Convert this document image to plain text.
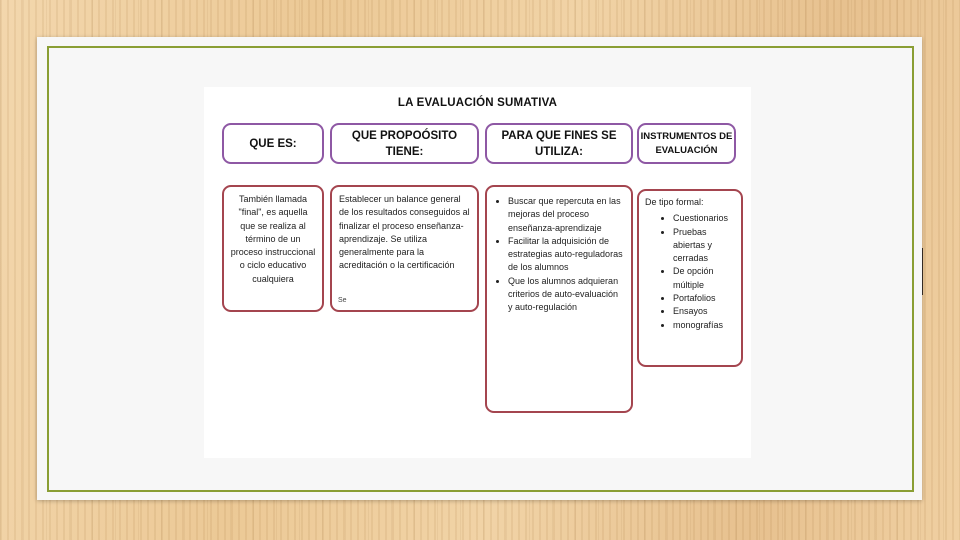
LA EVALUACIÓN SUMATIVA
QUE ES:
QUE PROPOÓSITO TIENE:
PARA QUE FINES SE UTILIZA:
INSTRUMENTOS DE EVALUACIÓN
También llamada "final", es aquella que se realiza al término de un proceso instruccional o ciclo educativo cualquiera
Establecer un balance general de los resultados conseguidos al finalizar el proceso enseñanza-aprendizaje. Se utiliza generalmente para la acreditación o la certificación
Se
• Buscar que repercuta en las mejoras del proceso enseñanza-aprendizaje
• Facilitar la adquisición de estrategias auto-reguladoras de los alumnos
• Que los alumnos adquieran criterios de auto-evaluación y auto-regulación
De tipo formal:
• Cuestionarios
• Pruebas abiertas y cerradas
• De opción múltiple
• Portafolios
• Ensayos
• monografías
